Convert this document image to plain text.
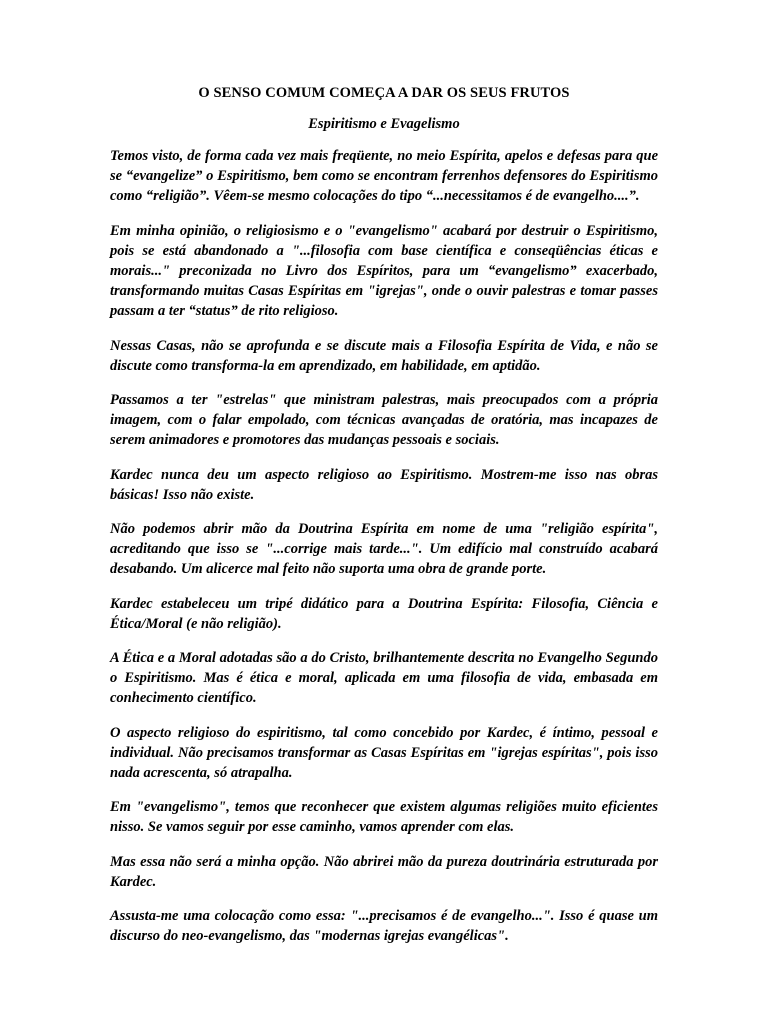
O SENSO COMUM COMEÇA A DAR OS SEUS FRUTOS
Espiritismo e Evagelismo

Temos visto, de forma cada vez mais freqüente, no meio Espírita, apelos e defesas para que se “evangelize” o Espiritismo, bem como se encontram ferrenhos defensores do Espiritismo como “religião”. Vêem-se mesmo colocações do tipo “...necessitamos é de evangelho....”.

Em minha opinião, o religiosismo e o "evangelismo" acabará por destruir o Espiritismo, pois se está abandonado a "...filosofia com base científica e conseqüências éticas e morais..." preconizada no Livro dos Espíritos, para um “evangelismo” exacerbado, transformando muitas Casas Espíritas em "igrejas", onde o ouvir palestras e tomar passes passam a ter “status” de rito religioso.

Nessas Casas, não se aprofunda e se discute mais a Filosofia Espírita de Vida, e não se discute como transforma-la em aprendizado, em habilidade, em aptidão.

Passamos a ter "estrelas" que ministram palestras, mais preocupados com a própria imagem, com o falar empolado, com técnicas avançadas de oratória, mas incapazes de serem animadores e promotores das mudanças pessoais e sociais.

Kardec nunca deu um aspecto religioso ao Espiritismo. Mostrem-me isso nas obras básicas! Isso não existe.

Não podemos abrir mão da Doutrina Espírita em nome de uma "religião espírita", acreditando que isso se "...corrige mais tarde...". Um edifício mal construído acabará desabando. Um alicerce mal feito não suporta uma obra de grande porte.

Kardec estabeleceu um tripé didático para a Doutrina Espírita: Filosofia, Ciência e Ética/Moral (e não religião).

A Ética e a Moral adotadas são a do Cristo, brilhantemente descrita no Evangelho Segundo o Espiritismo. Mas é ética e moral, aplicada em uma filosofia de vida, embasada em conhecimento científico.

O aspecto religioso do espiritismo, tal como concebido por Kardec, é íntimo, pessoal e individual. Não precisamos transformar as Casas Espíritas em "igrejas espíritas", pois isso nada acrescenta, só atrapalha.

Em "evangelismo", temos que reconhecer que existem algumas religiões muito eficientes nisso. Se vamos seguir por esse caminho, vamos aprender com elas.

Mas essa não será a minha opção. Não abrirei mão da pureza doutrinária estruturada por Kardec.

Assusta-me uma colocação como essa: "...precisamos é de evangelho...". Isso é quase um discurso do neo-evangelismo, das "modernas igrejas evangélicas".
